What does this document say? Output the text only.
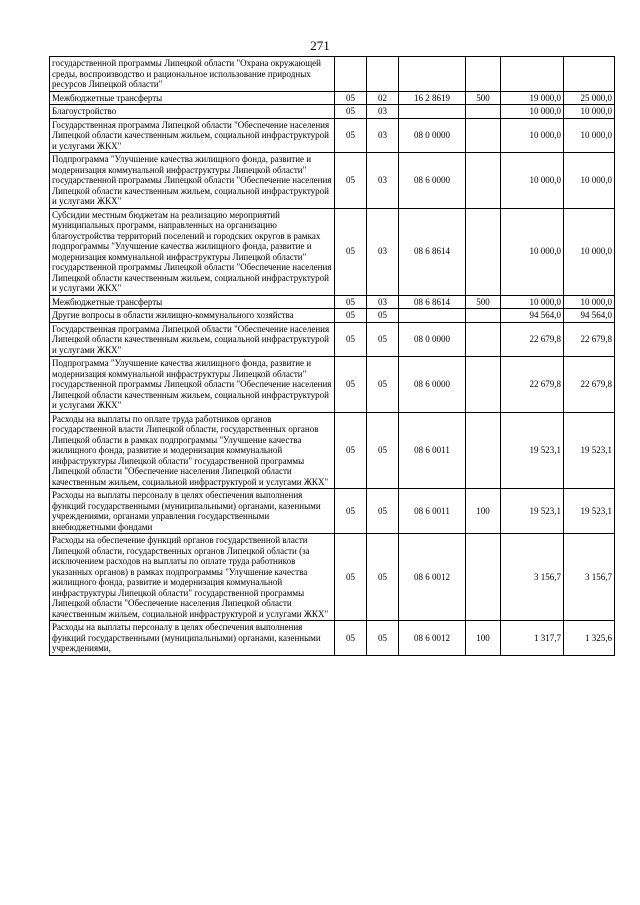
271
государственной программы Липецкой области "Охрана окружающей среды, воспроизводство и рациональное использование природных ресурсов Липецкой области"						
Межбюджетные трансферты	05	02	16 2 8619	500	19 000,0	25 000,0
Благоустройство	05	03			10 000,0	10 000,0
Государственная программа Липецкой области "Обеспечение населения Липецкой области качественным жильем, социальной инфраструктурой и услугами ЖКХ"	05	03	08 0 0000		10 000,0	10 000,0
Подпрограмма "Улучшение качества жилищного фонда, развитие и модернизация коммунальной инфраструктуры Липецкой области" государственной программы Липецкой области "Обеспечение населения Липецкой области качественным жильем, социальной инфраструктурой и услугами ЖКХ"	05	03	08 6 0000		10 000,0	10 000,0
Субсидии местным бюджетам на реализацию мероприятий муниципальных программ, направленных на организацию благоустройства территорий поселений и городских округов в рамках подпрограммы "Улучшение качества жилищного фонда, развитие и модернизация коммунальной инфраструктуры Липецкой области" государственной программы Липецкой области "Обеспечение населения Липецкой области качественным жильем, социальной инфраструктурой и услугами ЖКХ"	05	03	08 6 8614		10 000,0	10 000,0
Межбюджетные трансферты	05	03	08 6 8614	500	10 000,0	10 000,0
Другие вопросы в области жилищно-коммунального хозяйства	05	05			94 564,0	94 564,0
Государственная программа Липецкой области "Обеспечение населения Липецкой области качественным жильем, социальной инфраструктурой и услугами ЖКХ"	05	05	08 0 0000		22 679,8	22 679,8
Подпрограмма "Улучшение качества жилищного фонда, развитие и модернизация коммунальной инфраструктуры Липецкой области" государственной программы Липецкой области "Обеспечение населения Липецкой области качественным жильем, социальной инфраструктурой и услугами ЖКХ"	05	05	08 6 0000		22 679,8	22 679,8
Расходы на выплаты по оплате труда работников органов государственной власти Липецкой области, государственных органов Липецкой области в рамках подпрограммы "Улучшение качества жилищного фонда, развитие и модернизация коммунальной инфраструктуры Липецкой области" государственной программы Липецкой области "Обеспечение населения Липецкой области качественным жильем, социальной инфраструктурой и услугами ЖКХ"	05	05	08 6 0011		19 523,1	19 523,1
Расходы на выплаты персоналу в целях обеспечения выполнения функций государственными (муниципальными) органами, казенными учреждениями, органами управления государственными внебюджетными фондами	05	05	08 6 0011	100	19 523,1	19 523,1
Расходы на обеспечение функций органов государственной власти Липецкой области, государственных органов Липецкой области (за исключением расходов на выплаты по оплате труда работников указанных органов) в рамках подпрограммы "Улучшение качества жилищного фонда, развитие и модернизация коммунальной инфраструктуры Липецкой области" государственной программы Липецкой области "Обеспечение населения Липецкой области качественным жильем, социальной инфраструктурой и услугами ЖКХ"	05	05	08 6 0012		3 156,7	3 156,7
Расходы на выплаты персоналу в целях обеспечения выполнения функций государственными (муниципальными) органами, казенными учреждениями,	05	05	08 6 0012	100	1 317,7	1 325,6
